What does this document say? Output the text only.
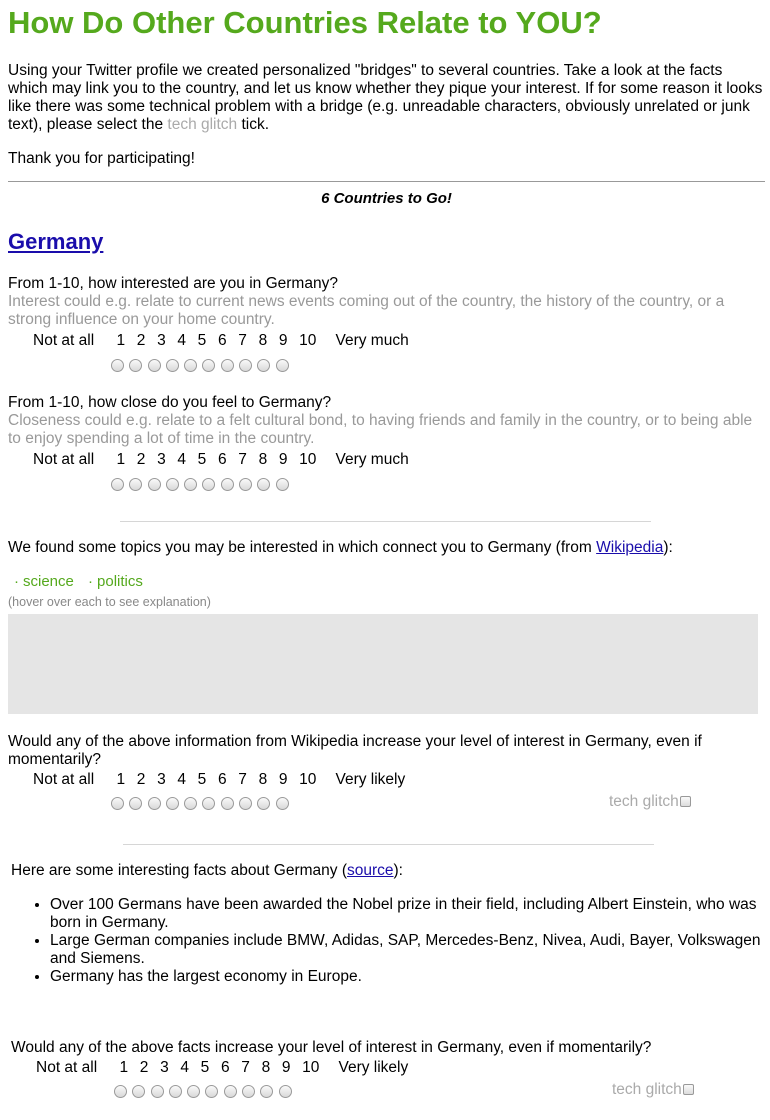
How Do Other Countries Relate to YOU?

Using your Twitter profile we created personalized "bridges" to several countries. Take a look at the facts which may link you to the country, and let us know whether they pique your interest. If for some reason it looks like there was some technical problem with a bridge (e.g. unreadable characters, obviously unrelated or junk text), please select the tech glitch tick.

Thank you for participating!
6 Countries to Go!
Germany
From 1-10, how interested are you in Germany?
Interest could e.g. relate to current news events coming out of the country, the history of the country, or a strong influence on your home country.
Not at all 1 2 3 4 5 6 7 8 9 10 Very much
From 1-10, how close do you feel to Germany?
Closeness could e.g. relate to a felt cultural bond, to having friends and family in the country, or to being able to enjoy spending a lot of time in the country.
Not at all 1 2 3 4 5 6 7 8 9 10 Very much
We found some topics you may be interested in which connect you to Germany (from Wikipedia):
· science · politics
(hover over each to see explanation)
Would any of the above information from Wikipedia increase your level of interest in Germany, even if momentarily?
Not at all 1 2 3 4 5 6 7 8 9 10 Very likely
tech glitch
Here are some interesting facts about Germany (source):
• Over 100 Germans have been awarded the Nobel prize in their field, including Albert Einstein, who was born in Germany.
• Large German companies include BMW, Adidas, SAP, Mercedes-Benz, Nivea, Audi, Bayer, Volkswagen and Siemens.
• Germany has the largest economy in Europe.
Would any of the above facts increase your level of interest in Germany, even if momentarily?
Not at all 1 2 3 4 5 6 7 8 9 10 Very likely
tech glitch
